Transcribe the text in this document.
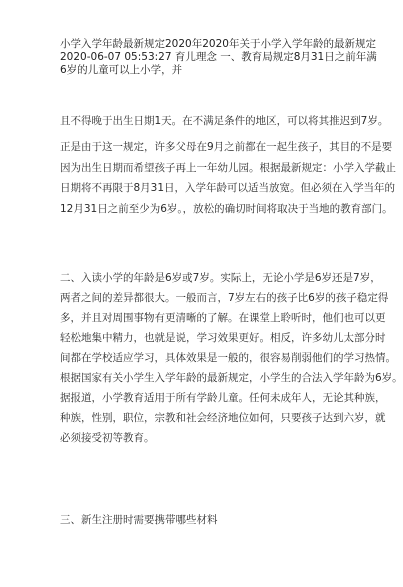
小学入学年龄最新规定2020年2020年关于小学入学年龄的最新规定
2020-06-07 05:53:27 育儿理念 一、教育局规定8月31日之前年满
6岁的儿童可以上小学，并
且不得晚于出生日期1天。在不满足条件的地区，可以将其推迟到7岁。
正是由于这一规定，许多父母在9月之前都在一起生孩子，其目的不是要
因为出生日期而希望孩子再上一年幼儿园。根据最新规定：小学入学截止
日期将不再限于8月31日，入学年龄可以适当放宽。但必须在入学当年的
12月31日之前至少为6岁。，放松的确切时间将取决于当地的教育部门。
二、入读小学的年龄是6岁或7岁。实际上，无论小学是6岁还是7岁，
两者之间的差异都很大。一般而言，7岁左右的孩子比6岁的孩子稳定得
多，并且对周围事物有更清晰的了解。在课堂上聆听时，他们也可以更
轻松地集中精力，也就是说，学习效果更好。相反，许多幼儿太部分时
间都在学校适应学习，具体效果是一般的，很容易削弱他们的学习热情。
根据国家有关小学生入学年龄的最新规定，小学生的合法入学年龄为6岁。
据报道，小学教育适用于所有学龄儿童。任何未成年人，无论其种族，
种族，性别，职位，宗教和社会经济地位如何，只要孩子达到六岁，就
必须接受初等教育。
三、新生注册时需要携带哪些材料
